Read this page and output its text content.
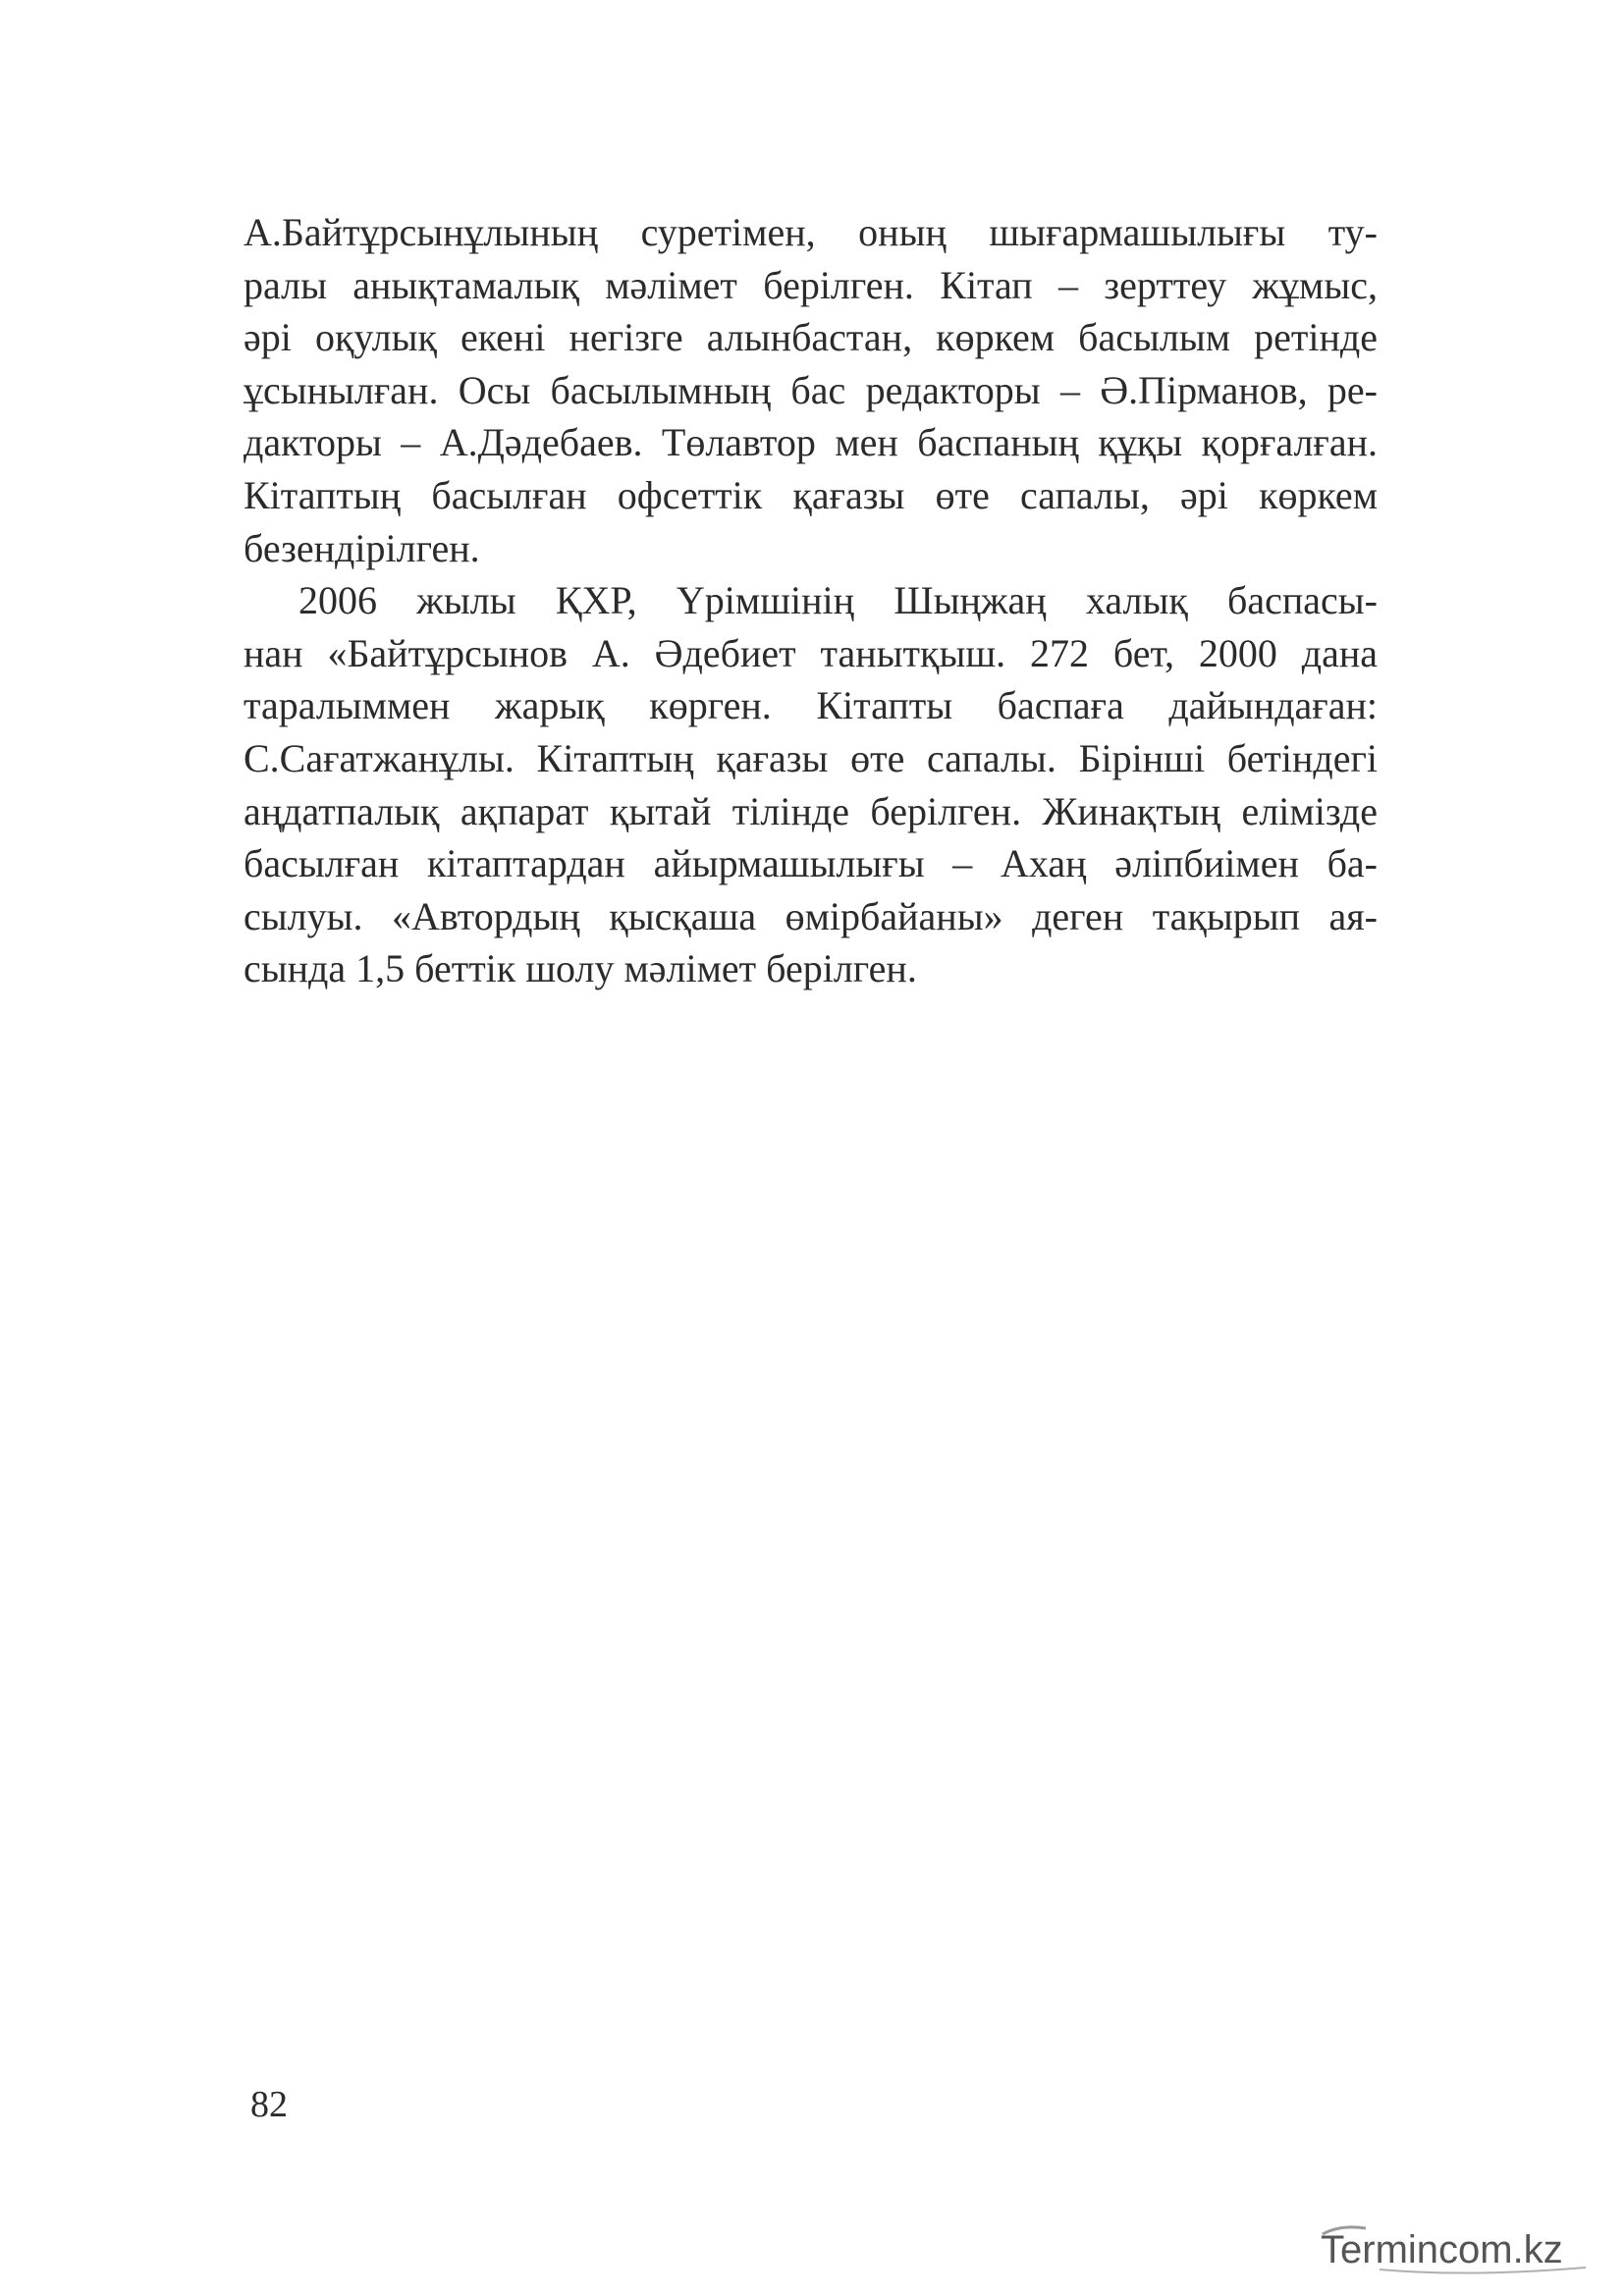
А.Байтұрсынұлының суретімен, оның шығармашылығы ту-
ралы анықтамалық мәлімет берілген. Кітап – зерттеу жұмыс,
әрі оқулық екені негізге алынбастан, көркем басылым ретінде
ұсынылған. Осы басылымның бас редакторы – Ә.Пірманов, ре-
дакторы – А.Дәдебаев. Төлавтор мен баспаның құқы қорғалған.
Кітаптың басылған офсеттік қағазы өте сапалы, әрі көркем
безендірілген.
2006 жылы ҚХР, Үрімшінің Шыңжаң халық баспасы-
нан «Байтұрсынов А. Әдебиет танытқыш. 272 бет, 2000 дана
таралыммен жарық көрген. Кітапты баспаға дайындаған:
С.Сағатжанұлы. Кітаптың қағазы өте сапалы. Бірінші бетіндегі
аңдатпалық ақпарат қытай тілінде берілген. Жинақтың елімізде
басылған кітаптардан айырмашылығы – Ахаң әліпбиімен ба-
сылуы. «Автордың қысқаша өмірбайаны» деген тақырып ая-
сында 1,5 беттік шолу мәлімет берілген.
82
Termincom.kz
